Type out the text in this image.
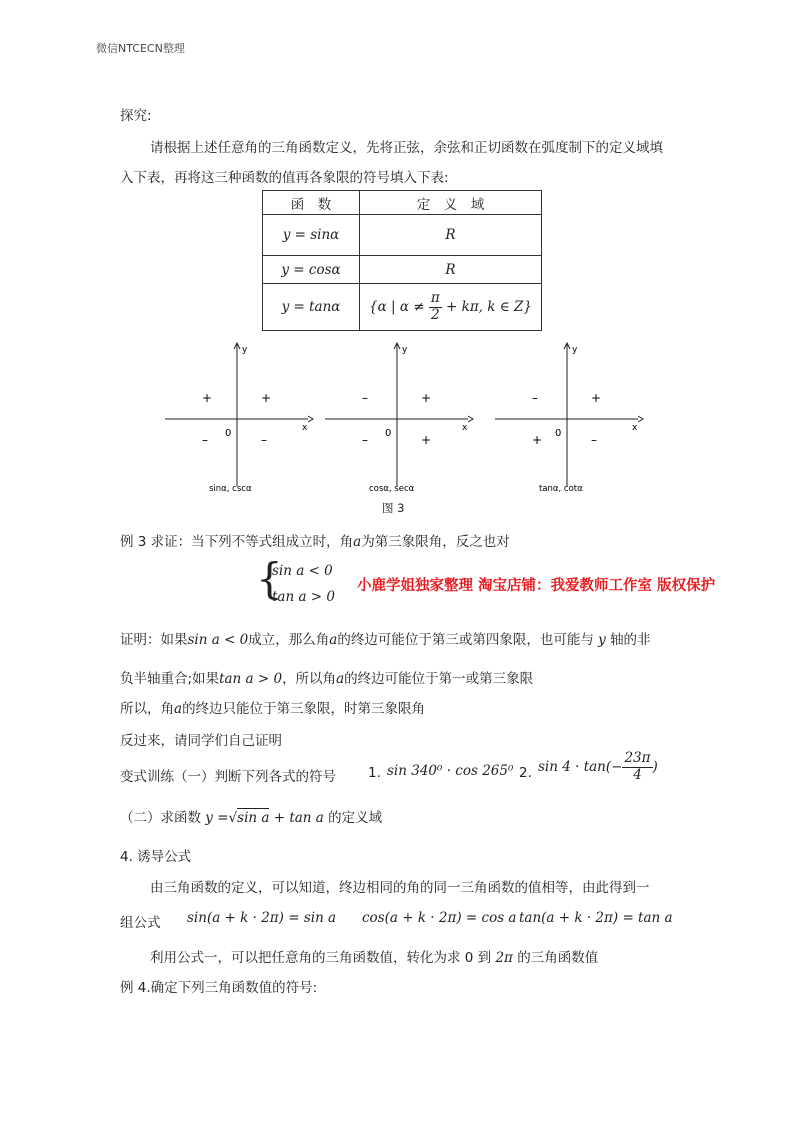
微信NTCECN整理
探究:
请根据上述任意角的三角函数定义，先将正弦，余弦和正切函数在弧度制下的定义域填
入下表，再将这三种函数的值再各象限的符号填入下表:
函　数	定　义　域
y = sinα	R
y = cosα	R
y = tanα	{α | $\alpha \ne \frac{\pi}{2} + k\pi$, k ∈ Z}
y
x
0
+
+
–	–
sinα, cscα
y
x
0
+
–
–	+
cosα, secα
y
x
0
+
–
+	–
tanα, cotα
图 3
例 3 求证：当下列不等式组成立时，角a为第三象限角，反之也对
{
sin a < 0
tan a > 0
小鹿学姐独家整理 淘宝店铺：我爱教师工作室 版权保护
证明：如果sin a < 0成立，那么角a的终边可能位于第三或第四象限，也可能与 y 轴的非
负半轴重合;如果tan a > 0，所以角a的终边可能位于第一或第三象限
所以，角a的终边只能位于第三象限，时第三象限角
反过来，请同学们自己证明
变式训练（一）判断下列各式的符号 1. sin 340⁰ · cos 265⁰ 2. $\sin 4 \cdot \tan(- \frac{23\pi}{4}$ )
（二）求函数 y =√sin a + tan a 的定义域
4. 诱导公式
由三角函数的定义，可以知道，终边相同的角的同一三角函数的值相等，由此得到一
组公式 sin(a + k · 2π) = sin a cos(a + k · 2π) = cos a tan(a + k · 2π) = tan a
利用公式一，可以把任意角的三角函数值，转化为求 0 到 2π 的三角函数值
例 4.确定下列三角函数值的符号:
